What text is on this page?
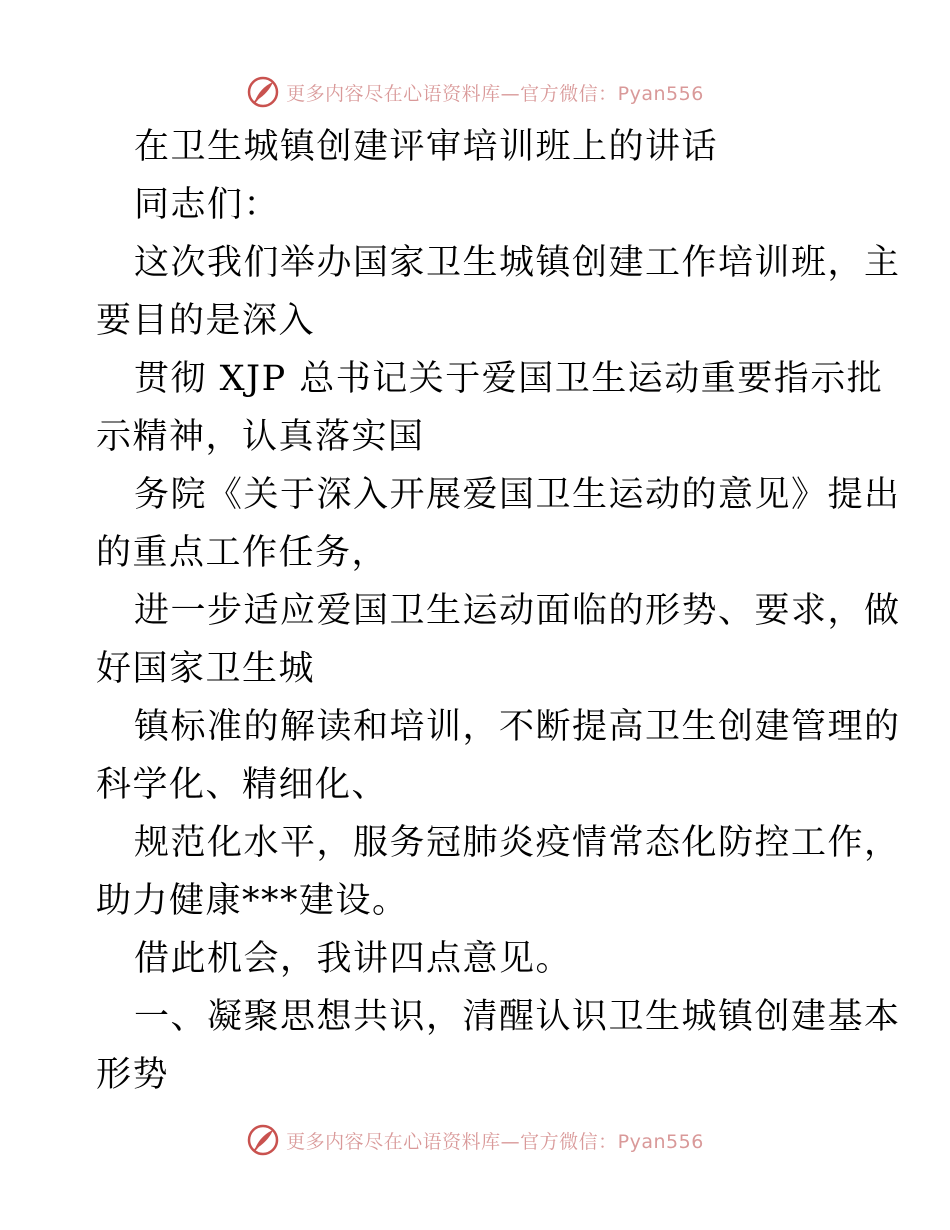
更多内容尽在心语资料库—官方微信：Pyan556
在卫生城镇创建评审培训班上的讲话
同志们：
这次我们举办国家卫生城镇创建工作培训班，主
要目的是深入
贯彻 XJP 总书记关于爱国卫生运动重要指示批
示精神，认真落实国
务院《关于深入开展爱国卫生运动的意见》提出
的重点工作任务，
进一步适应爱国卫生运动面临的形势、要求，做
好国家卫生城
镇标准的解读和培训，不断提高卫生创建管理的
科学化、精细化、
规范化水平，服务冠肺炎疫情常态化防控工作，
助力健康***建设。
借此机会，我讲四点意见。
一、凝聚思想共识，清醒认识卫生城镇创建基本
形势
更多内容尽在心语资料库—官方微信：Pyan556
